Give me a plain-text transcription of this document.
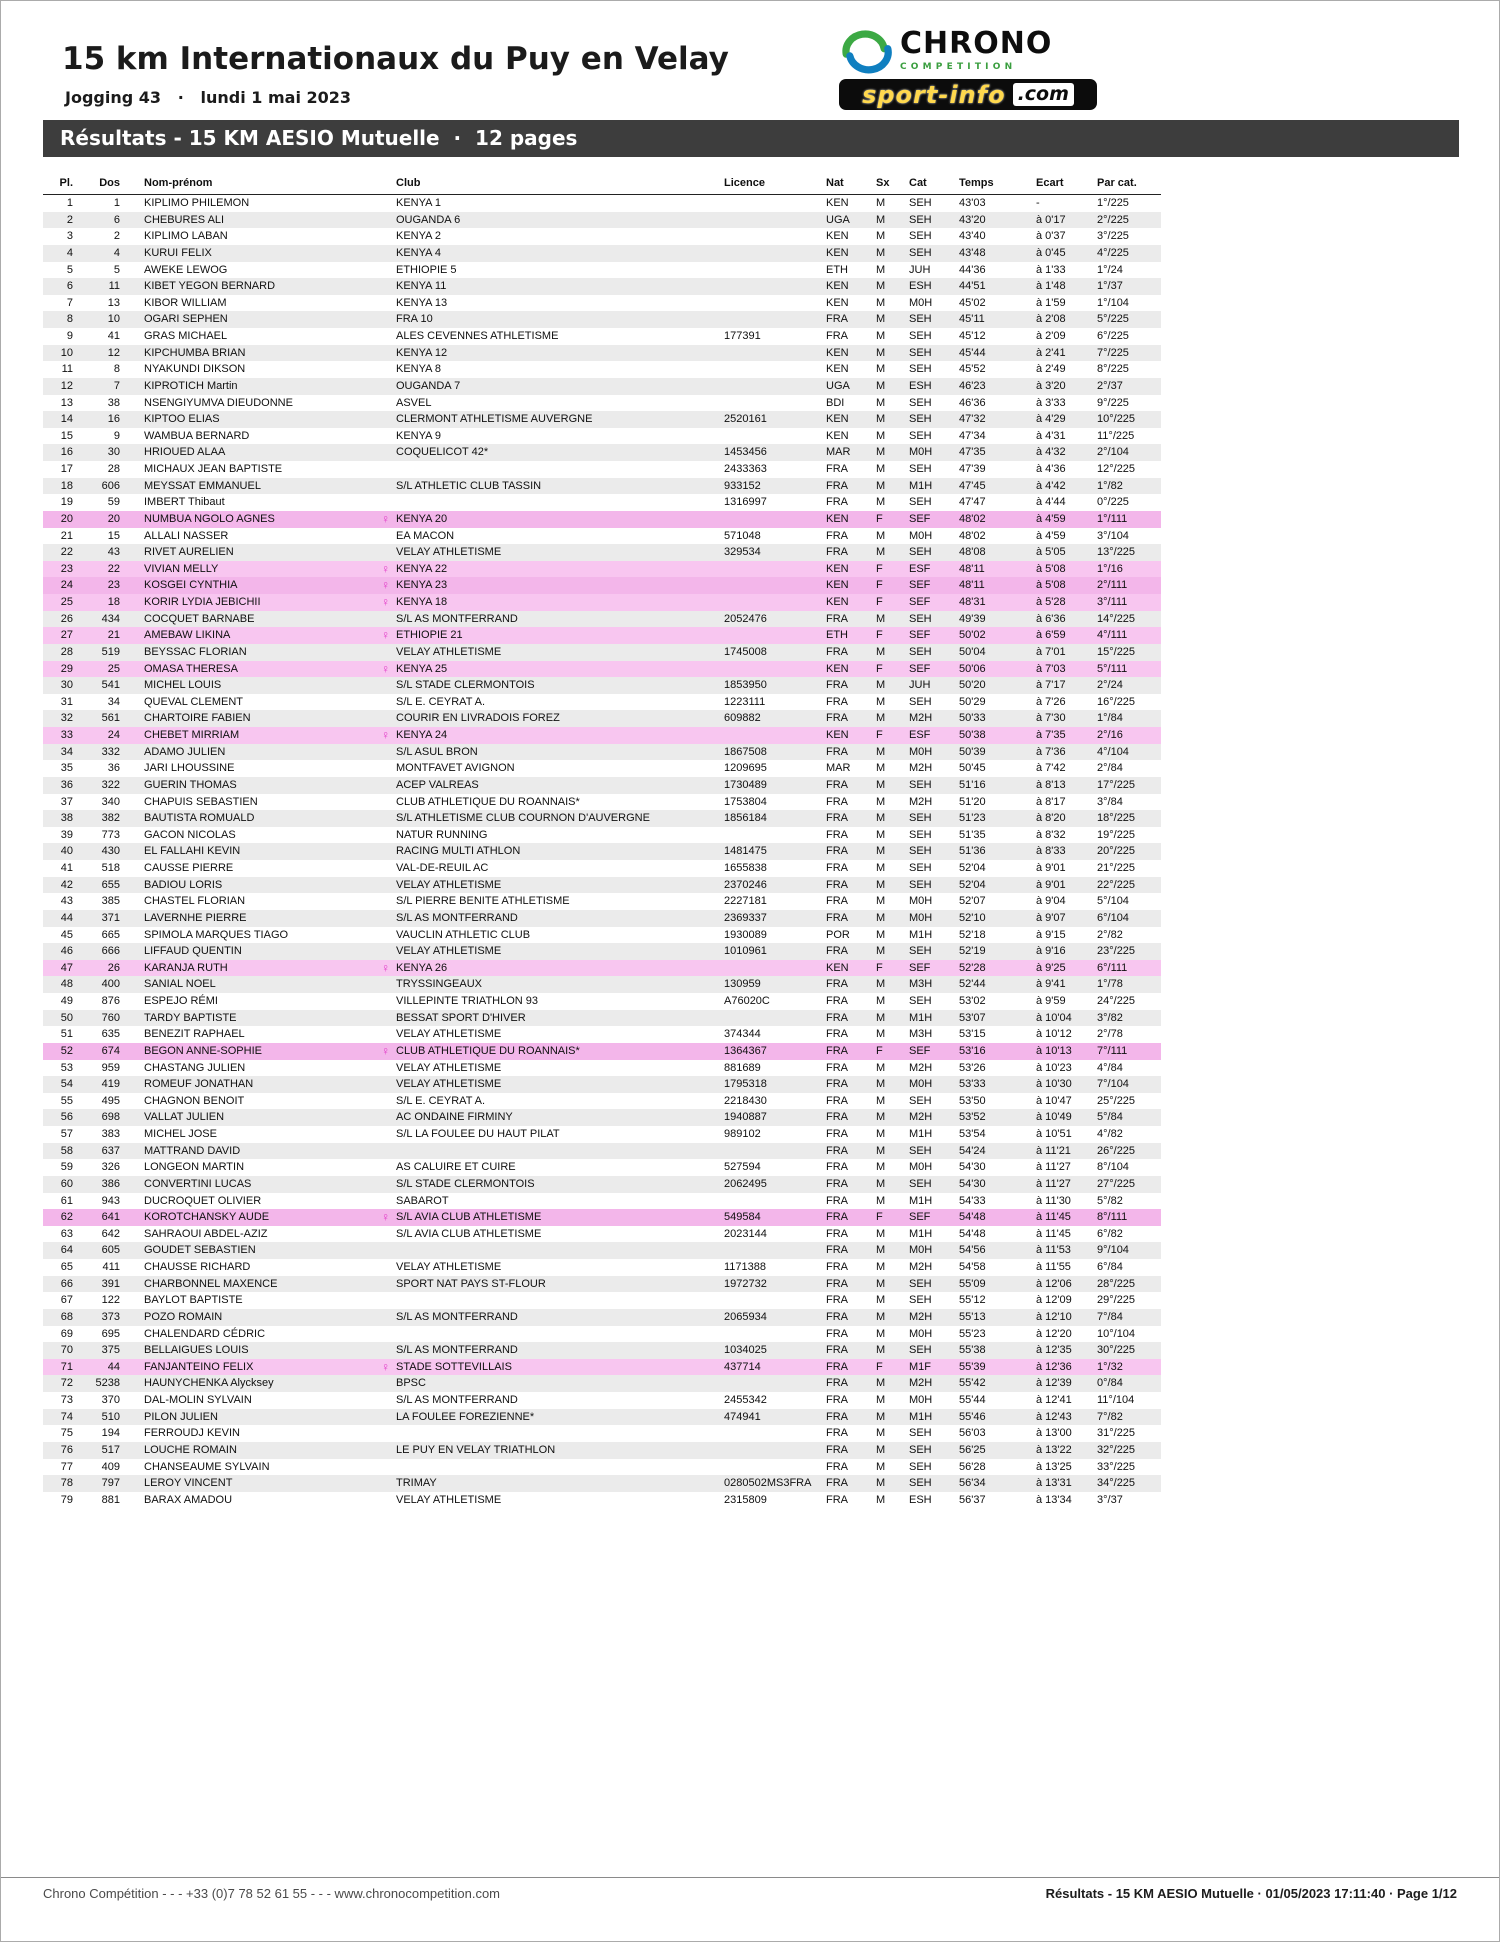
15 km Internationaux du Puy en Velay
Jogging 43   ·   lundi 1 mai 2023
CHRONO
COMPETITION
sport-info .com
Résultats - 15 KM AESIO Mutuelle  ·  12 pages
Pl.	Dos	Nom-prénom	Club	Licence	Nat	Sx	Cat	Temps	Ecart	Par cat.
1	1	KIPLIMO PHILEMON	KENYA 1		KEN	M	SEH	43'03	-	1°/225
2	6	CHEBURES ALI	OUGANDA 6		UGA	M	SEH	43'20	à 0'17	2°/225
3	2	KIPLIMO LABAN	KENYA 2		KEN	M	SEH	43'40	à 0'37	3°/225
4	4	KURUI FELIX	KENYA 4		KEN	M	SEH	43'48	à 0'45	4°/225
5	5	AWEKE LEWOG	ETHIOPIE 5		ETH	M	JUH	44'36	à 1'33	1°/24
6	11	KIBET YEGON BERNARD	KENYA 11		KEN	M	ESH	44'51	à 1'48	1°/37
7	13	KIBOR WILLIAM	KENYA 13		KEN	M	M0H	45'02	à 1'59	1°/104
8	10	OGARI SEPHEN	FRA 10		FRA	M	SEH	45'11	à 2'08	5°/225
9	41	GRAS MICHAEL	ALES CEVENNES ATHLETISME	177391	FRA	M	SEH	45'12	à 2'09	6°/225
10	12	KIPCHUMBA BRIAN	KENYA 12		KEN	M	SEH	45'44	à 2'41	7°/225
11	8	NYAKUNDI DIKSON	KENYA 8		KEN	M	SEH	45'52	à 2'49	8°/225
12	7	KIPROTICH Martin	OUGANDA 7		UGA	M	ESH	46'23	à 3'20	2°/37
13	38	NSENGIYUMVA DIEUDONNE	ASVEL		BDI	M	SEH	46'36	à 3'33	9°/225
14	16	KIPTOO ELIAS	CLERMONT ATHLETISME AUVERGNE	2520161	KEN	M	SEH	47'32	à 4'29	10°/225
15	9	WAMBUA BERNARD	KENYA 9		KEN	M	SEH	47'34	à 4'31	11°/225
16	30	HRIOUED ALAA	COQUELICOT 42*	1453456	MAR	M	M0H	47'35	à 4'32	2°/104
17	28	MICHAUX JEAN BAPTISTE		2433363	FRA	M	SEH	47'39	à 4'36	12°/225
18	606	MEYSSAT EMMANUEL	S/L ATHLETIC CLUB TASSIN	933152	FRA	M	M1H	47'45	à 4'42	1°/82
19	59	IMBERT Thibaut		1316997	FRA	M	SEH	47'47	à 4'44	0°/225
20	20	NUMBUA NGOLO AGNES	♀ KENYA 20		KEN	F	SEF	48'02	à 4'59	1°/111
21	15	ALLALI NASSER	EA MACON	571048	FRA	M	M0H	48'02	à 4'59	3°/104
22	43	RIVET AURELIEN	VELAY ATHLETISME	329534	FRA	M	SEH	48'08	à 5'05	13°/225
23	22	VIVIAN MELLY	♀ KENYA 22		KEN	F	ESF	48'11	à 5'08	1°/16
24	23	KOSGEI CYNTHIA	♀ KENYA 23		KEN	F	SEF	48'11	à 5'08	2°/111
25	18	KORIR LYDIA JEBICHII	♀ KENYA 18		KEN	F	SEF	48'31	à 5'28	3°/111
26	434	COCQUET BARNABE	S/L AS MONTFERRAND	2052476	FRA	M	SEH	49'39	à 6'36	14°/225
27	21	AMEBAW LIKINA	♀ ETHIOPIE 21		ETH	F	SEF	50'02	à 6'59	4°/111
28	519	BEYSSAC FLORIAN	VELAY ATHLETISME	1745008	FRA	M	SEH	50'04	à 7'01	15°/225
29	25	OMASA THERESA	♀ KENYA 25		KEN	F	SEF	50'06	à 7'03	5°/111
30	541	MICHEL LOUIS	S/L STADE CLERMONTOIS	1853950	FRA	M	JUH	50'20	à 7'17	2°/24
31	34	QUEVAL CLEMENT	S/L E. CEYRAT A.	1223111	FRA	M	SEH	50'29	à 7'26	16°/225
32	561	CHARTOIRE FABIEN	COURIR EN LIVRADOIS FOREZ	609882	FRA	M	M2H	50'33	à 7'30	1°/84
33	24	CHEBET MIRRIAM	♀ KENYA 24		KEN	F	ESF	50'38	à 7'35	2°/16
34	332	ADAMO JULIEN	S/L ASUL BRON	1867508	FRA	M	M0H	50'39	à 7'36	4°/104
35	36	JARI LHOUSSINE	MONTFAVET AVIGNON	1209695	MAR	M	M2H	50'45	à 7'42	2°/84
36	322	GUERIN THOMAS	ACEP VALREAS	1730489	FRA	M	SEH	51'16	à 8'13	17°/225
37	340	CHAPUIS SEBASTIEN	CLUB ATHLETIQUE DU ROANNAIS*	1753804	FRA	M	M2H	51'20	à 8'17	3°/84
38	382	BAUTISTA ROMUALD	S/L ATHLETISME CLUB COURNON D'AUVERGNE	1856184	FRA	M	SEH	51'23	à 8'20	18°/225
39	773	GACON NICOLAS	NATUR RUNNING		FRA	M	SEH	51'35	à 8'32	19°/225
40	430	EL FALLAHI KEVIN	RACING MULTI ATHLON	1481475	FRA	M	SEH	51'36	à 8'33	20°/225
41	518	CAUSSE PIERRE	VAL-DE-REUIL AC	1655838	FRA	M	SEH	52'04	à 9'01	21°/225
42	655	BADIOU LORIS	VELAY ATHLETISME	2370246	FRA	M	SEH	52'04	à 9'01	22°/225
43	385	CHASTEL FLORIAN	S/L PIERRE BENITE ATHLETISME	2227181	FRA	M	M0H	52'07	à 9'04	5°/104
44	371	LAVERNHE PIERRE	S/L AS MONTFERRAND	2369337	FRA	M	M0H	52'10	à 9'07	6°/104
45	665	SPIMOLA MARQUES TIAGO	VAUCLIN ATHLETIC CLUB	1930089	POR	M	M1H	52'18	à 9'15	2°/82
46	666	LIFFAUD QUENTIN	VELAY ATHLETISME	1010961	FRA	M	SEH	52'19	à 9'16	23°/225
47	26	KARANJA RUTH	♀ KENYA 26		KEN	F	SEF	52'28	à 9'25	6°/111
48	400	SANIAL NOEL	TRYSSINGEAUX	130959	FRA	M	M3H	52'44	à 9'41	1°/78
49	876	ESPEJO RÉMI	VILLEPINTE TRIATHLON 93	A76020C	FRA	M	SEH	53'02	à 9'59	24°/225
50	760	TARDY BAPTISTE	BESSAT SPORT D'HIVER		FRA	M	M1H	53'07	à 10'04	3°/82
51	635	BENEZIT RAPHAEL	VELAY ATHLETISME	374344	FRA	M	M3H	53'15	à 10'12	2°/78
52	674	BEGON ANNE-SOPHIE	♀ CLUB ATHLETIQUE DU ROANNAIS*	1364367	FRA	F	SEF	53'16	à 10'13	7°/111
53	959	CHASTANG JULIEN	VELAY ATHLETISME	881689	FRA	M	M2H	53'26	à 10'23	4°/84
54	419	ROMEUF JONATHAN	VELAY ATHLETISME	1795318	FRA	M	M0H	53'33	à 10'30	7°/104
55	495	CHAGNON BENOIT	S/L E. CEYRAT A.	2218430	FRA	M	SEH	53'50	à 10'47	25°/225
56	698	VALLAT JULIEN	AC ONDAINE FIRMINY	1940887	FRA	M	M2H	53'52	à 10'49	5°/84
57	383	MICHEL JOSE	S/L LA FOULEE DU HAUT PILAT	989102	FRA	M	M1H	53'54	à 10'51	4°/82
58	637	MATTRAND DAVID			FRA	M	SEH	54'24	à 11'21	26°/225
59	326	LONGEON MARTIN	AS CALUIRE ET CUIRE	527594	FRA	M	M0H	54'30	à 11'27	8°/104
60	386	CONVERTINI LUCAS	S/L STADE CLERMONTOIS	2062495	FRA	M	SEH	54'30	à 11'27	27°/225
61	943	DUCROQUET OLIVIER	SABAROT		FRA	M	M1H	54'33	à 11'30	5°/82
62	641	KOROTCHANSKY AUDE	♀ S/L AVIA CLUB ATHLETISME	549584	FRA	F	SEF	54'48	à 11'45	8°/111
63	642	SAHRAOUI ABDEL-AZIZ	S/L AVIA CLUB ATHLETISME	2023144	FRA	M	M1H	54'48	à 11'45	6°/82
64	605	GOUDET SEBASTIEN			FRA	M	M0H	54'56	à 11'53	9°/104
65	411	CHAUSSE RICHARD	VELAY ATHLETISME	1171388	FRA	M	M2H	54'58	à 11'55	6°/84
66	391	CHARBONNEL MAXENCE	SPORT NAT PAYS ST-FLOUR	1972732	FRA	M	SEH	55'09	à 12'06	28°/225
67	122	BAYLOT BAPTISTE			FRA	M	SEH	55'12	à 12'09	29°/225
68	373	POZO ROMAIN	S/L AS MONTFERRAND	2065934	FRA	M	M2H	55'13	à 12'10	7°/84
69	695	CHALENDARD CÉDRIC			FRA	M	M0H	55'23	à 12'20	10°/104
70	375	BELLAIGUES LOUIS	S/L AS MONTFERRAND	1034025	FRA	M	SEH	55'38	à 12'35	30°/225
71	44	FANJANTEINO FELIX	♀ STADE SOTTEVILLAIS	437714	FRA	F	M1F	55'39	à 12'36	1°/32
72	5238	HAUNYCHENKA Alycksey	BPSC		FRA	M	M2H	55'42	à 12'39	0°/84
73	370	DAL-MOLIN SYLVAIN	S/L AS MONTFERRAND	2455342	FRA	M	M0H	55'44	à 12'41	11°/104
74	510	PILON JULIEN	LA FOULEE FOREZIENNE*	474941	FRA	M	M1H	55'46	à 12'43	7°/82
75	194	FERROUDJ KEVIN			FRA	M	SEH	56'03	à 13'00	31°/225
76	517	LOUCHE ROMAIN	LE PUY EN VELAY TRIATHLON		FRA	M	SEH	56'25	à 13'22	32°/225
77	409	CHANSEAUME SYLVAIN			FRA	M	SEH	56'28	à 13'25	33°/225
78	797	LEROY VINCENT	TRIMAY	0280502MS3FRA	FRA	M	SEH	56'34	à 13'31	34°/225
79	881	BARAX AMADOU	VELAY ATHLETISME	2315809	FRA	M	ESH	56'37	à 13'34	3°/37
Chrono Compétition - - - +33 (0)7 78 52 61 55 - - - www.chronocompetition.com	Résultats - 15 KM AESIO Mutuelle · 01/05/2023 17:11:40 · Page 1/12
